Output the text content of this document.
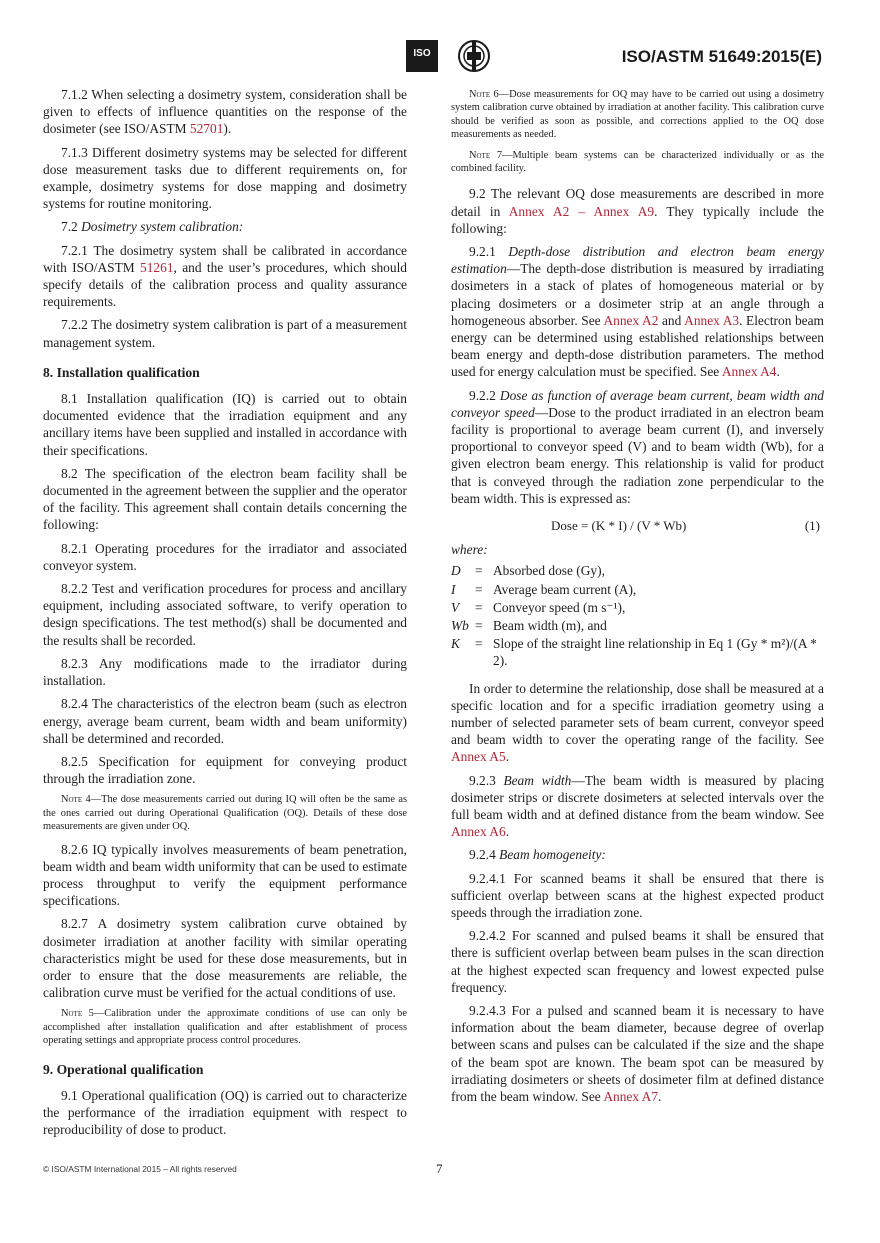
ISO	ISO/ASTM 51649:2015(E)

7.1.2 When selecting a dosimetry system, consideration shall be given to effects of influence quantities on the response of the dosimeter (see ISO/ASTM 52701).

7.1.3 Different dosimetry systems may be selected for different dose measurement tasks due to different requirements on, for example, dosimetry systems for dose mapping and dosimetry systems for routine monitoring.

7.2 Dosimetry system calibration:

7.2.1 The dosimetry system shall be calibrated in accordance with ISO/ASTM 51261, and the user’s procedures, which should specify details of the calibration process and quality assurance requirements.

7.2.2 The dosimetry system calibration is part of a measurement management system.

8. Installation qualification

8.1 Installation qualification (IQ) is carried out to obtain documented evidence that the irradiation equipment and any ancillary items have been supplied and installed in accordance with their specifications.

8.2 The specification of the electron beam facility shall be documented in the agreement between the supplier and the operator of the facility. This agreement shall contain details concerning the following:

8.2.1 Operating procedures for the irradiator and associated conveyor system.

8.2.2 Test and verification procedures for process and ancillary equipment, including associated software, to verify operation to design specifications. The test method(s) shall be documented and the results shall be recorded.

8.2.3 Any modifications made to the irradiator during installation.

8.2.4 The characteristics of the electron beam (such as electron energy, average beam current, beam width and beam uniformity) shall be determined and recorded.

8.2.5 Specification for equipment for conveying product through the irradiation zone.

Note 4—The dose measurements carried out during IQ will often be the same as the ones carried out during Operational Qualification (OQ). Details of these dose measurements are given under OQ.

8.2.6 IQ typically involves measurements of beam penetration, beam width and beam width uniformity that can be used to estimate process throughput to verify the equipment performance specifications.

8.2.7 A dosimetry system calibration curve obtained by dosimeter irradiation at another facility with similar operating characteristics might be used for these dose measurements, but in order to ensure that the dose measurements are reliable, the calibration curve must be verified for the actual conditions of use.

Note 5—Calibration under the approximate conditions of use can only be accomplished after installation qualification and after establishment of process operating settings and appropriate process control procedures.
9. Operational qualification

9.1 Operational qualification (OQ) is carried out to characterize the performance of the irradiation equipment with respect to reproducibility of dose to product.

Note 6—Dose measurements for OQ may have to be carried out using a dosimetry system calibration curve obtained by irradiation at another facility. This calibration curve should be verified as soon as possible, and corrections applied to the OQ dose measurements as needed.
Note 7—Multiple beam systems can be characterized individually or as the combined facility.

9.2 The relevant OQ dose measurements are described in more detail in Annex A2 – Annex A9. They typically include the following:

9.2.1 Depth-dose distribution and electron beam energy estimation—The depth-dose distribution is measured by irradiating dosimeters in a stack of plates of homogeneous material or by placing dosimeters or a dosimeter strip at an angle through a homogeneous absorber. See Annex A2 and Annex A3. Electron beam energy can be determined using established relationships between beam energy and depth-dose distribution parameters. The method used for energy calculation must be specified. See Annex A4.

9.2.2 Dose as function of average beam current, beam width and conveyor speed—Dose to the product irradiated in an electron beam facility is proportional to average beam current (I), and inversely proportional to conveyor speed (V) and to beam width (Wb), for a given electron beam energy. This relationship is valid for product that is conveyed through the radiation zone perpendicular to the beam width. This is expressed as:

Dose = (K * I) / (V * Wb)	(1)
where:
D	= Absorbed dose (Gy),
I	= Average beam current (A),
V	= Conveyor speed (m s⁻¹),
Wb = Beam width (m), and
K	= Slope of the straight line relationship in Eq 1 (Gy * m²)/(A * 2).

In order to determine the relationship, dose shall be measured at a specific location and for a specific irradiation geometry using a number of selected parameter sets of beam current, conveyor speed and beam width to cover the operating range of the facility. See Annex A5.

9.2.3 Beam width—The beam width is measured by placing dosimeter strips or discrete dosimeters at selected intervals over the full beam width and at defined distance from the beam window. See Annex A6.

9.2.4 Beam homogeneity:

9.2.4.1 For scanned beams it shall be ensured that there is sufficient overlap between scans at the highest expected product speeds through the irradiation zone.

9.2.4.2 For scanned and pulsed beams it shall be ensured that there is sufficient overlap between beam pulses in the scan direction at the highest expected scan frequency and lowest expected pulse frequency.

9.2.4.3 For a pulsed and scanned beam it is necessary to have information about the beam diameter, because degree of overlap between scans and pulses can be calculated if the size and the shape of the beam spot are known. The beam spot can be measured by irradiating dosimeters or sheets of dosimeter film at defined distance from the beam window. See Annex A7.

© ISO/ASTM International 2015 – All rights reserved	7
